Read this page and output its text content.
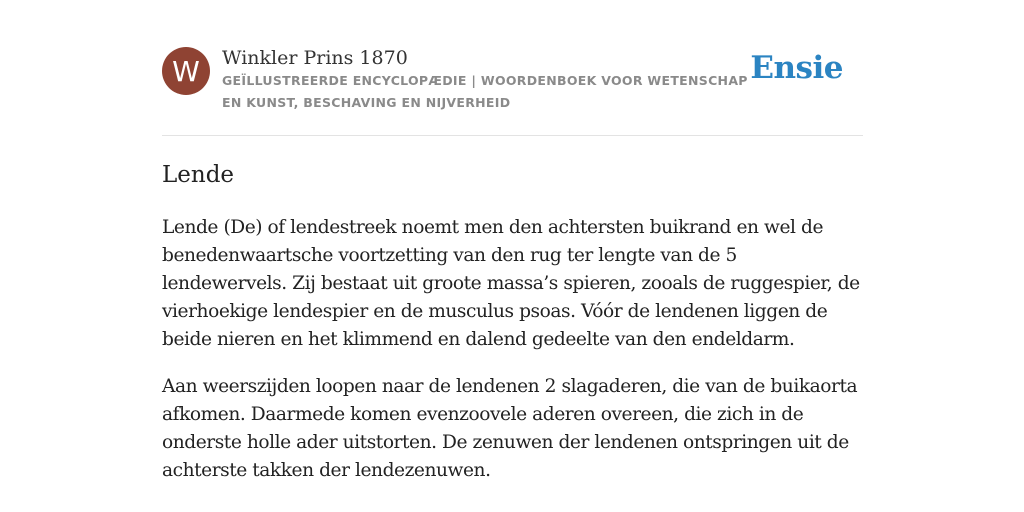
W	Winkler Prins 1870
GEÏLLUSTREERDE ENCYCLOPÆDIE | WOORDENBOEK VOOR WETENSCHAP EN KUNST, BESCHAVING EN NIJVERHEID
Ensie
Lende

Lende (De) of lendestreek noemt men den achtersten buikrand en wel de benedenwaartsche voortzetting van den rug ter lengte van de 5 lendewervels. Zij bestaat uit groote massa’s spieren, zooals de ruggespier, de vierhoekige lendespier en de musculus psoas. Vóór de lendenen liggen de beide nieren en het klimmend en dalend gedeelte van den endeldarm.

Aan weerszijden loopen naar de lendenen 2 slagaderen, die van de buikaorta afkomen. Daarmede komen evenzoovele aderen overeen, die zich in de onderste holle ader uitstorten. De zenuwen der lendenen ontspringen uit de achterste takken der lendezenuwen.
